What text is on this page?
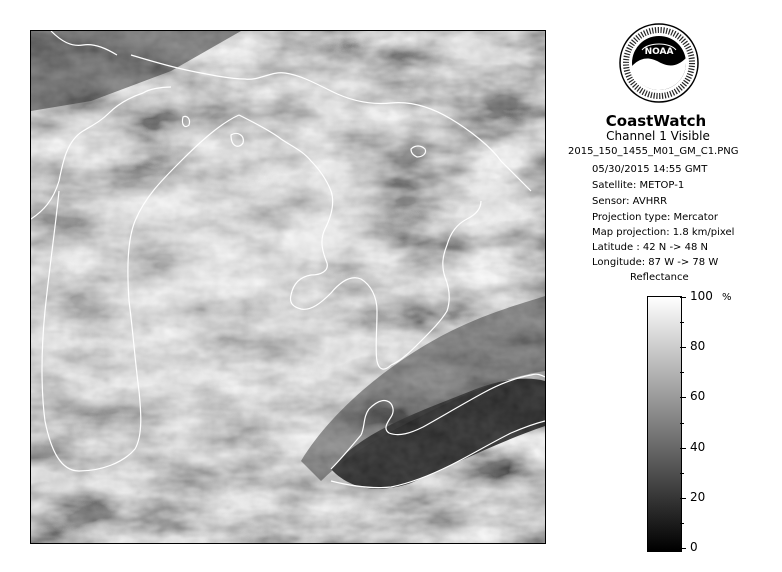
NOAA
CoastWatch
Channel 1 Visible
2015_150_1455_M01_GM_C1.PNG
05/30/2015 14:55 GMT
Satellite: METOP-1
Sensor: AVHRR
Projection type: Mercator
Map projection: 1.8 km/pixel
Latitude : 42 N -> 48 N
Longitude: 87 W -> 78 W
Reflectance
%
100
80
60
40
20
0
